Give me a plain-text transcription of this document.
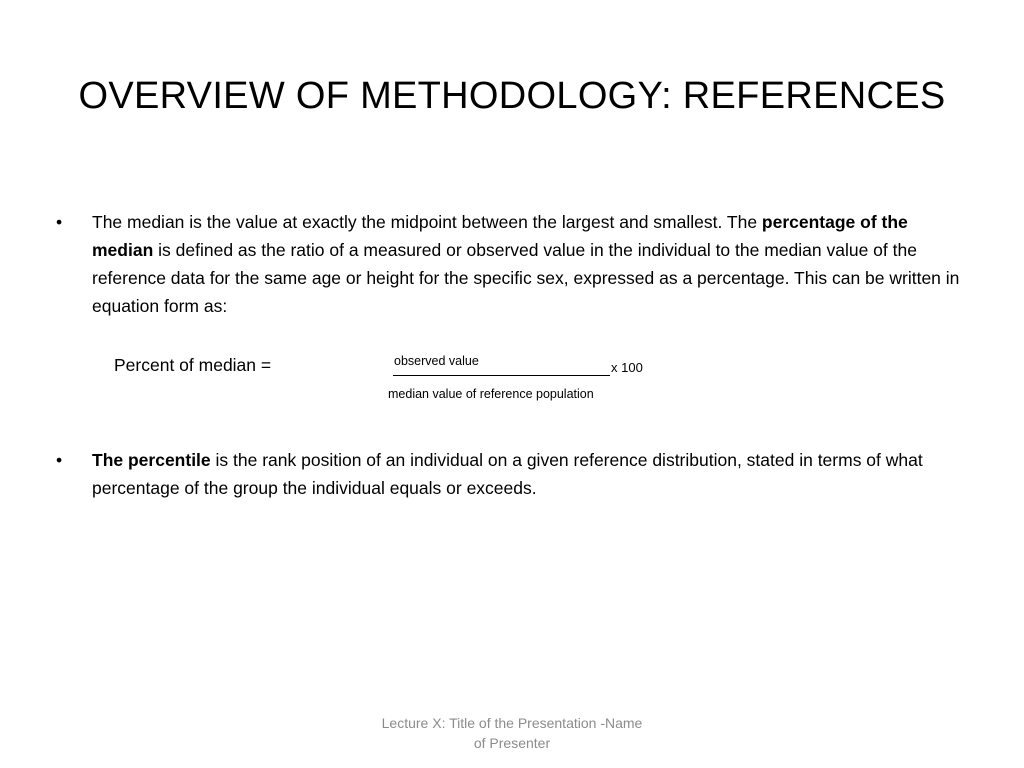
OVERVIEW OF METHODOLOGY: REFERENCES
• The median is the value at exactly the midpoint between the largest and smallest. The percentage of the median is defined as the ratio of a measured or observed value in the individual to the median value of the reference data for the same age or height for the specific sex, expressed as a percentage. This can be written in equation form as:
Percent of median =	observed value	x 100
median value of reference population
• The percentile is the rank position of an individual on a given reference distribution, stated in terms of what percentage of the group the individual equals or exceeds.
Lecture X: Title of the Presentation -Name
of Presenter
